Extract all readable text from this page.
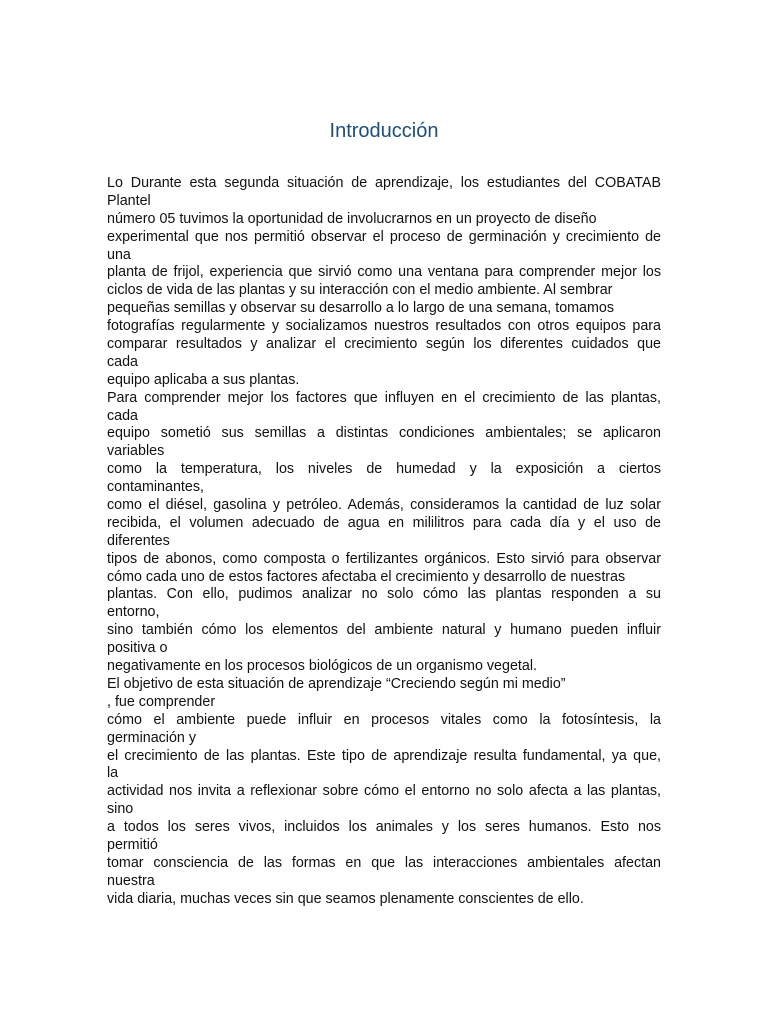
Introducción
Lo Durante esta segunda situación de aprendizaje, los estudiantes del COBATAB
Plantel
número 05 tuvimos la oportunidad de involucrarnos en un proyecto de diseño
experimental que nos permitió observar el proceso de germinación y crecimiento de
una
planta de frijol, experiencia que sirvió como una ventana para comprender mejor los
ciclos de vida de las plantas y su interacción con el medio ambiente. Al sembrar
pequeñas semillas y observar su desarrollo a lo largo de una semana, tomamos
fotografías regularmente y socializamos nuestros resultados con otros equipos para
comparar resultados y analizar el crecimiento según los diferentes cuidados que
cada
equipo aplicaba a sus plantas.
Para comprender mejor los factores que influyen en el crecimiento de las plantas,
cada
equipo sometió sus semillas a distintas condiciones ambientales; se aplicaron
variables
como la temperatura, los niveles de humedad y la exposición a ciertos
contaminantes,
como el diésel, gasolina y petróleo. Además, consideramos la cantidad de luz solar
recibida, el volumen adecuado de agua en mililitros para cada día y el uso de
diferentes
tipos de abonos, como composta o fertilizantes orgánicos. Esto sirvió para observar
cómo cada uno de estos factores afectaba el crecimiento y desarrollo de nuestras
plantas. Con ello, pudimos analizar no solo cómo las plantas responden a su
entorno,
sino también cómo los elementos del ambiente natural y humano pueden influir
positiva o
negativamente en los procesos biológicos de un organismo vegetal.
El objetivo de esta situación de aprendizaje “Creciendo según mi medio”
, fue comprender
cómo el ambiente puede influir en procesos vitales como la fotosíntesis, la
germinación y
el crecimiento de las plantas. Este tipo de aprendizaje resulta fundamental, ya que,
la
actividad nos invita a reflexionar sobre cómo el entorno no solo afecta a las plantas,
sino
a todos los seres vivos, incluidos los animales y los seres humanos. Esto nos
permitió
tomar consciencia de las formas en que las interacciones ambientales afectan
nuestra
vida diaria, muchas veces sin que seamos plenamente conscientes de ello.
